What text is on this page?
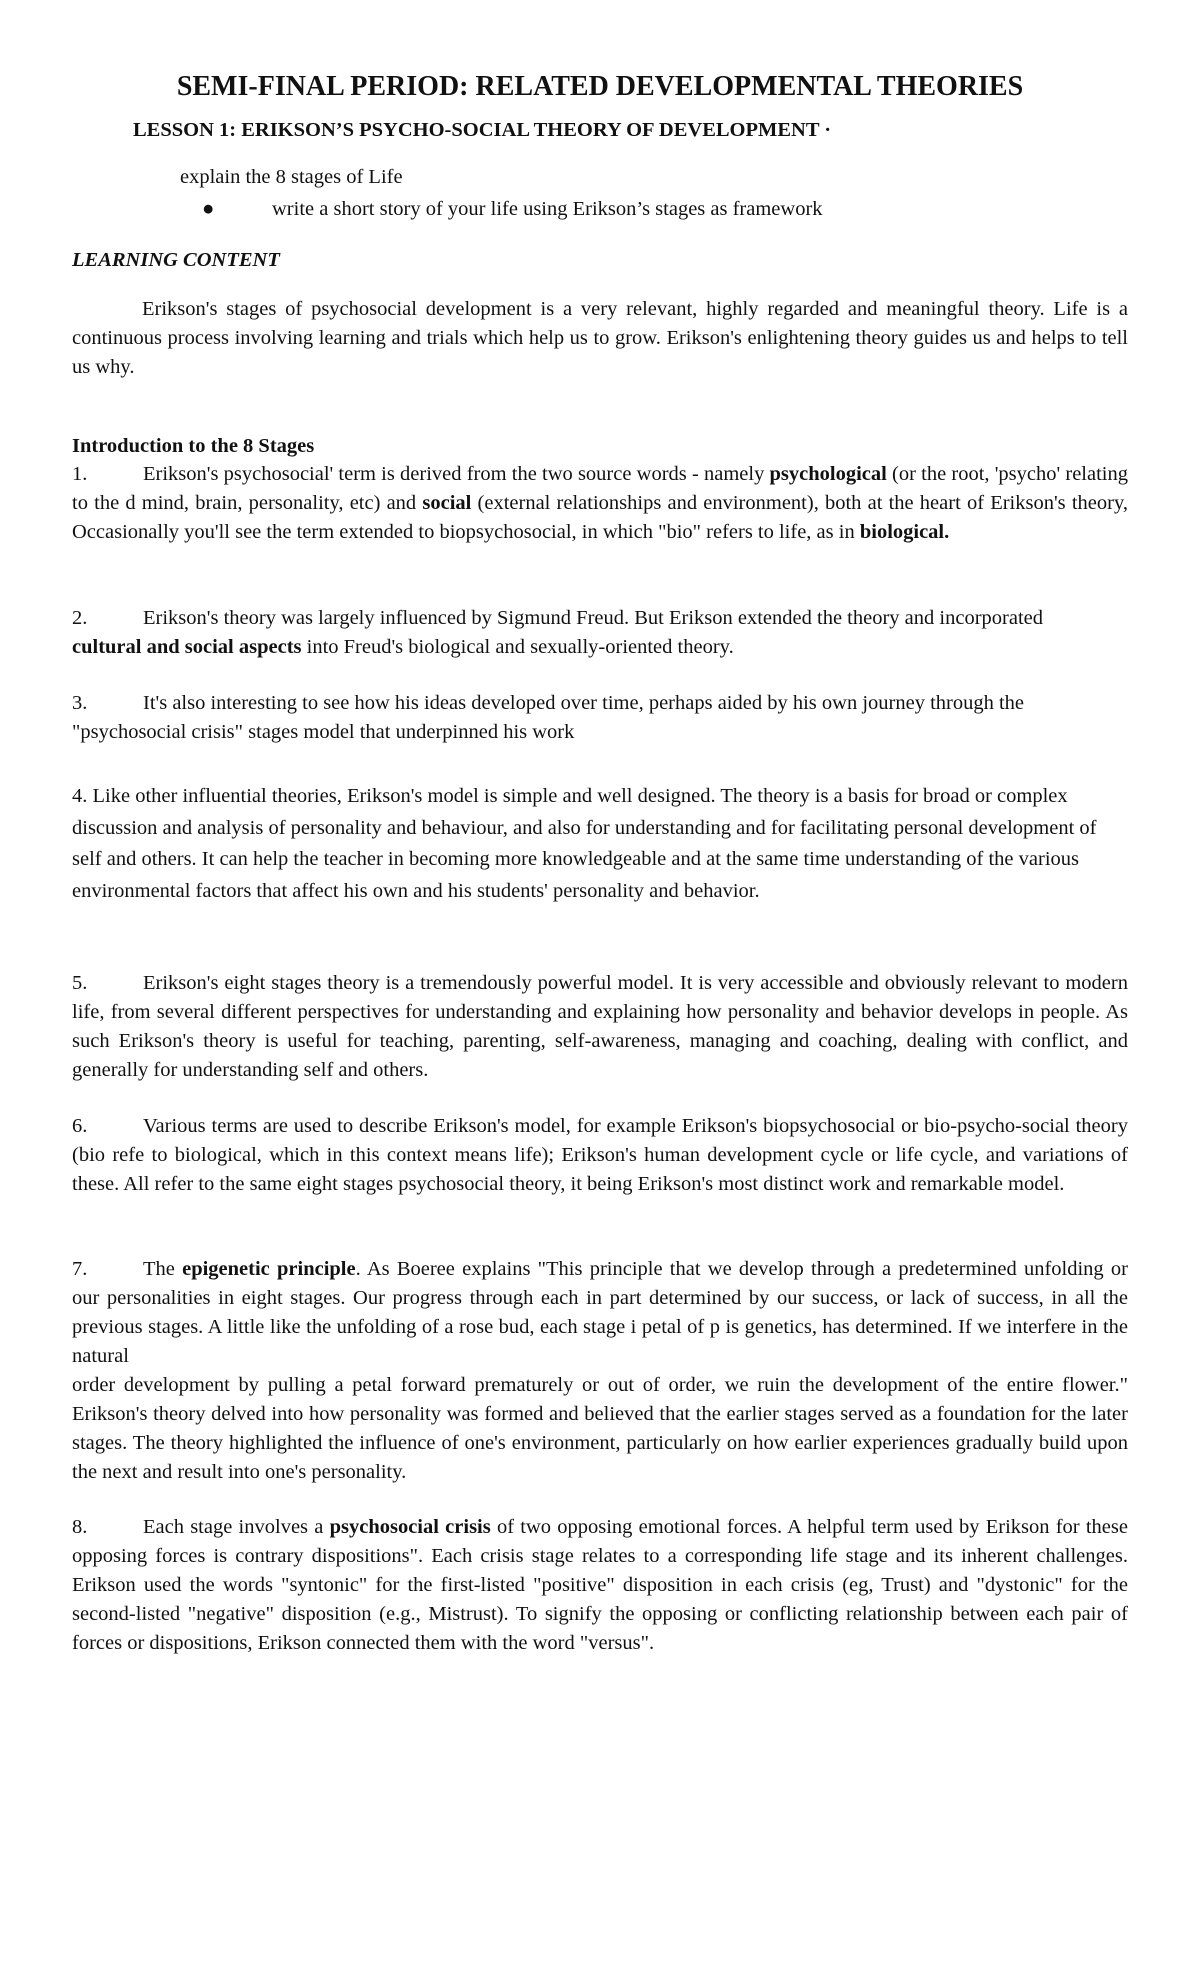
SEMI-FINAL PERIOD: RELATED DEVELOPMENTAL THEORIES
LESSON 1: ERIKSON’S PSYCHO-SOCIAL THEORY OF DEVELOPMENT ·
explain the 8 stages of Life
●	write a short story of your life using Erikson’s stages as framework

LEARNING CONTENT

Erikson's stages of psychosocial development is a very relevant, highly regarded and meaningful theory. Life is a continuous process involving learning and trials which help us to grow. Erikson's enlightening theory guides us and helps to tell us why.

Introduction to the 8 Stages

1.	Erikson's psychosocial' term is derived from the two source words - namely psychological (or the root, 'psycho' relating to the d mind, brain, personality, etc) and social (external relationships and environment), both at the heart of Erikson's theory, Occasionally you'll see the term extended to biopsychosocial, in which "bio" refers to life, as in biological.

2.	Erikson's theory was largely influenced by Sigmund Freud. But Erikson extended the theory and incorporated cultural and social aspects into Freud's biological and sexually-oriented theory.

3.	It's also interesting to see how his ideas developed over time, perhaps aided by his own journey through the "psychosocial crisis" stages model that underpinned his work

4. Like other influential theories, Erikson's model is simple and well designed. The theory is a basis for broad or complex discussion and analysis of personality and behaviour, and also for understanding and for facilitating personal development of self and others. It can help the teacher in becoming more knowledgeable and at the same time understanding of the various environmental factors that affect his own and his students' personality and behavior.

5.	Erikson's eight stages theory is a tremendously powerful model. It is very accessible and obviously relevant to modern life, from several different perspectives for understanding and explaining how personality and behavior develops in people. As such Erikson's theory is useful for teaching, parenting, self-awareness, managing and coaching, dealing with conflict, and generally for understanding self and others.

6.	Various terms are used to describe Erikson's model, for example Erikson's biopsychosocial or bio-psycho-social theory (bio refe to biological, which in this context means life); Erikson's human development cycle or life cycle, and variations of these. All refer to the same eight stages psychosocial theory, it being Erikson's most distinct work and remarkable model.

7.	The epigenetic principle. As Boeree explains "This principle that we develop through a predetermined unfolding or our personalities in eight stages. Our progress through each in part determined by our success, or lack of success, in all the previous stages. A little like the unfolding of a rose bud, each stage i petal of p is genetics, has determined. If we interfere in the natural

order development by pulling a petal forward prematurely or out of order, we ruin the development of the entire flower." Erikson's theory delved into how personality was formed and believed that the earlier stages served as a foundation for the later stages. The theory highlighted the influence of one's environment, particularly on how earlier experiences gradually build upon the next and result into one's personality.

8.	Each stage involves a psychosocial crisis of two opposing emotional forces. A helpful term used by Erikson for these opposing forces is contrary dispositions". Each crisis stage relates to a corresponding life stage and its inherent challenges. Erikson used the words "syntonic" for the first-listed "positive" disposition in each crisis (eg, Trust) and "dystonic" for the second-listed "negative" disposition (e.g., Mistrust). To signify the opposing or conflicting relationship between each pair of forces or dispositions, Erikson connected them with the word "versus".
